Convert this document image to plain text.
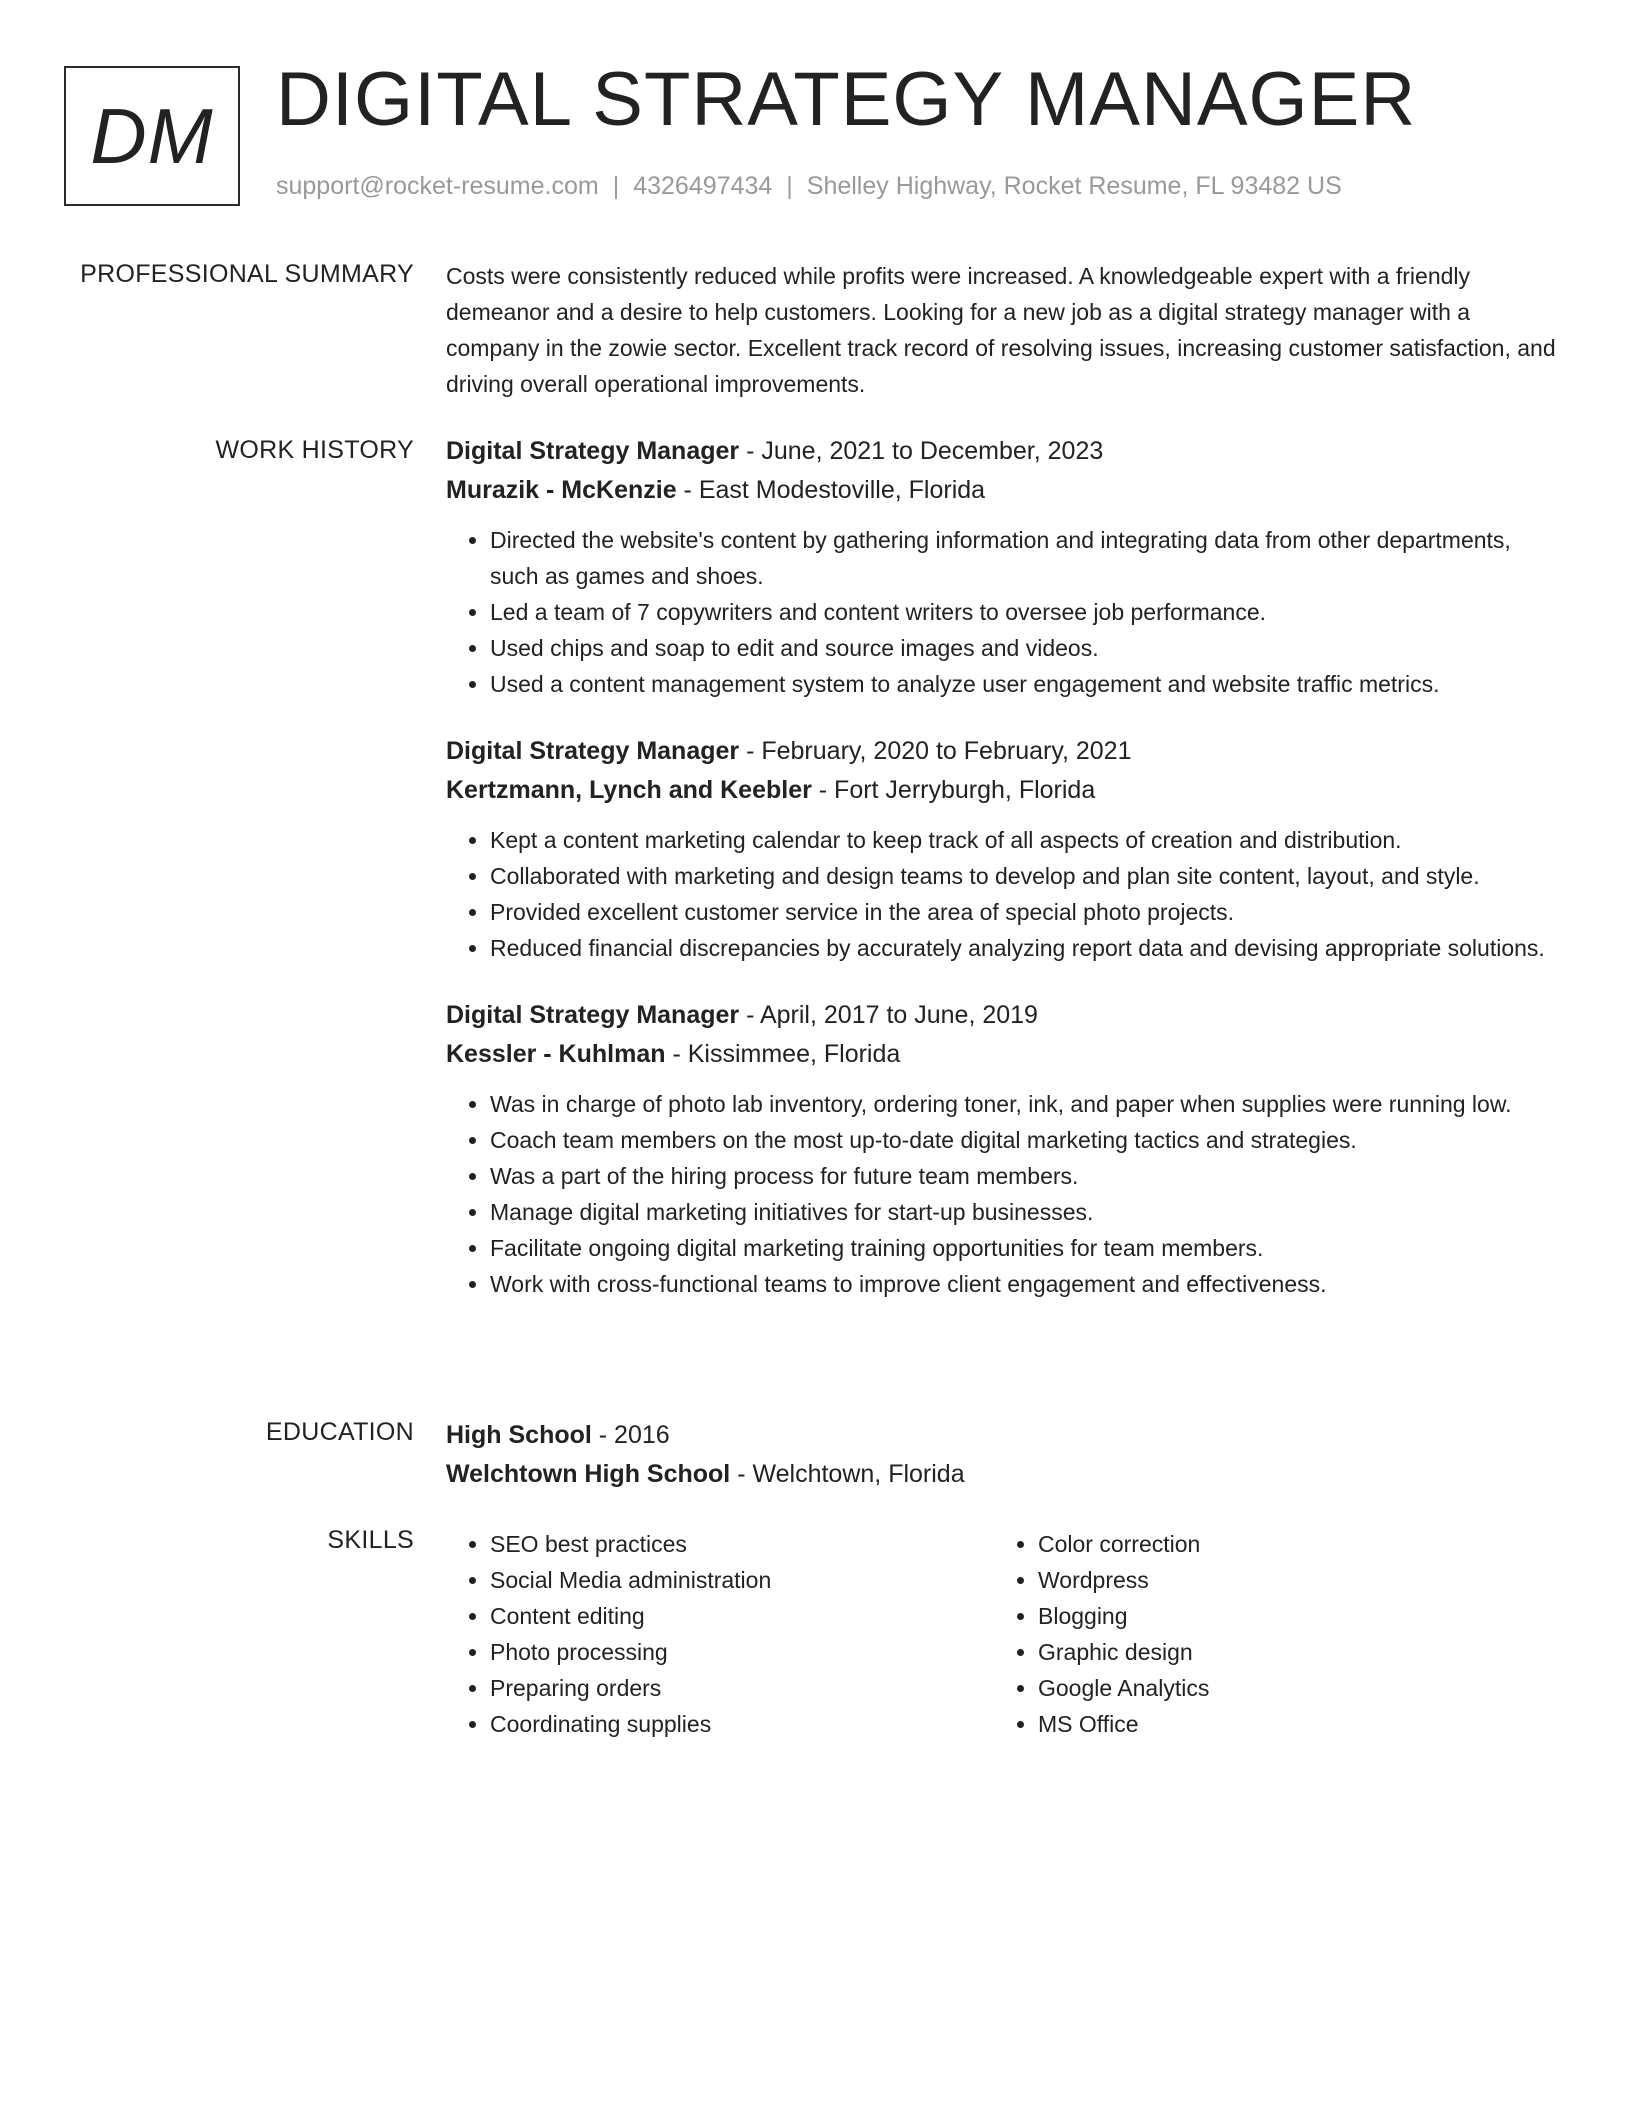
DM DIGITAL STRATEGY MANAGER
support@rocket-resume.com | 4326497434 | Shelley Highway, Rocket Resume, FL 93482 US
PROFESSIONAL SUMMARY Costs were consistently reduced while profits were increased. A knowledgeable expert with a friendly demeanor and a desire to help customers. Looking for a new job as a digital strategy manager with a company in the zowie sector. Excellent track record of resolving issues, increasing customer satisfaction, and driving overall operational improvements.

WORK HISTORY Digital Strategy Manager - June, 2021 to December, 2023
Murazik - McKenzie - East Modestoville, Florida
• Directed the website's content by gathering information and integrating data from other departments, such as games and shoes.
• Led a team of 7 copywriters and content writers to oversee job performance.
• Used chips and soap to edit and source images and videos.
• Used a content management system to analyze user engagement and website traffic metrics.
Digital Strategy Manager - February, 2020 to February, 2021
Kertzmann, Lynch and Keebler - Fort Jerryburgh, Florida
• Kept a content marketing calendar to keep track of all aspects of creation and distribution.
• Collaborated with marketing and design teams to develop and plan site content, layout, and style.
• Provided excellent customer service in the area of special photo projects.
• Reduced financial discrepancies by accurately analyzing report data and devising appropriate solutions.
Digital Strategy Manager - April, 2017 to June, 2019
Kessler - Kuhlman - Kissimmee, Florida
• Was in charge of photo lab inventory, ordering toner, ink, and paper when supplies were running low.
• Coach team members on the most up-to-date digital marketing tactics and strategies.
• Was a part of the hiring process for future team members.
• Manage digital marketing initiatives for start-up businesses.
• Facilitate ongoing digital marketing training opportunities for team members.
• Work with cross-functional teams to improve client engagement and effectiveness.
EDUCATION High School - 2016
Welchtown High School - Welchtown, Florida
SKILLS
•	SEO best practices
• Social Media administration
• Content editing
• Photo processing
• Preparing orders
• Coordinating supplies
• Color correction
• Wordpress
• Blogging
• Graphic design
• Google Analytics
• MS Office
